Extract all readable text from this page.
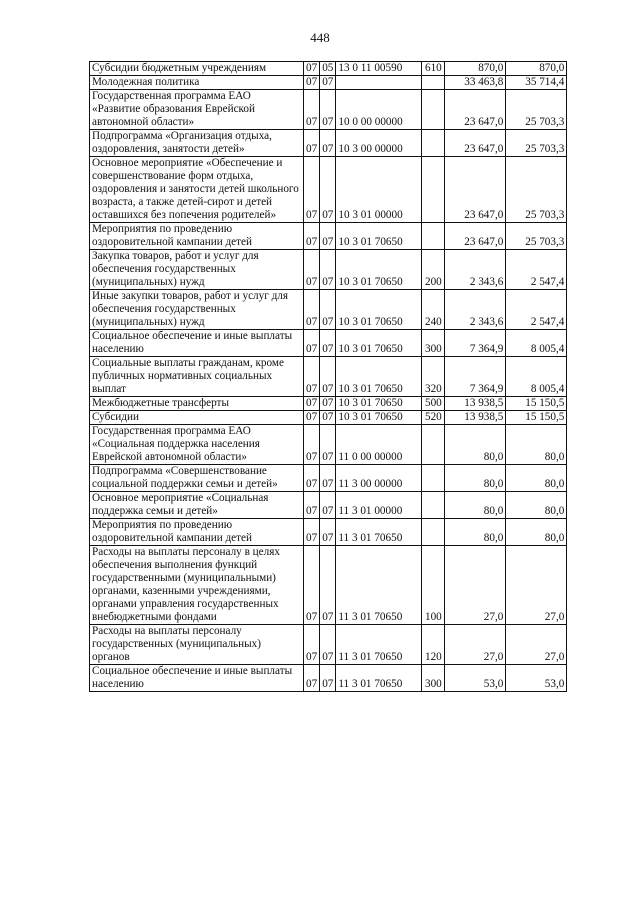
448
Субсидии бюджетным учреждениям	07	05	13 0 11 00590	610	870,0	870,0
Молодежная политика	07	07			33 463,8	35 714,4
Государственная программа ЕАО «Развитие образования Еврейской автономной области»	07	07	10 0 00 00000		23 647,0	25 703,3
Подпрограмма «Организация отдыха, оздоровления, занятости детей»	07	07	10 3 00 00000		23 647,0	25 703,3
Основное мероприятие «Обеспечение и совершенствование форм отдыха, оздоровления и занятости детей школьного возраста, а также детей-сирот и детей оставшихся без попечения родителей»	07	07	10 3 01 00000		23 647,0	25 703,3
Мероприятия по проведению оздоровительной кампании детей	07	07	10 3 01 70650		23 647,0	25 703,3
Закупка товаров, работ и услуг для обеспечения государственных (муниципальных) нужд	07	07	10 3 01 70650	200	2 343,6	2 547,4
Иные закупки товаров, работ и услуг для обеспечения государственных (муниципальных) нужд	07	07	10 3 01 70650	240	2 343,6	2 547,4
Социальное обеспечение и иные выплаты населению	07	07	10 3 01 70650	300	7 364,9	8 005,4
Социальные выплаты гражданам, кроме публичных нормативных социальных выплат	07	07	10 3 01 70650	320	7 364,9	8 005,4
Межбюджетные трансферты	07	07	10 3 01 70650	500	13 938,5	15 150,5
Субсидии	07	07	10 3 01 70650	520	13 938,5	15 150,5
Государственная программа ЕАО «Социальная поддержка населения Еврейской автономной области»	07	07	11 0 00 00000		80,0	80,0
Подпрограмма «Совершенствование социальной поддержки семьи и детей»	07	07	11 3 00 00000		80,0	80,0
Основное мероприятие «Социальная поддержка семьи и детей»	07	07	11 3 01 00000		80,0	80,0
Мероприятия по проведению оздоровительной кампании детей	07	07	11 3 01 70650		80,0	80,0
Расходы на выплаты персоналу в целях обеспечения выполнения функций государственными (муниципальными) органами, казенными учреждениями, органами управления государственных внебюджетными фондами	07	07	11 3 01 70650	100	27,0	27,0
Расходы на выплаты персоналу государственных (муниципальных) органов	07	07	11 3 01 70650	120	27,0	27,0
Социальное обеспечение и иные выплаты населению	07	07	11 3 01 70650	300	53,0	53,0
